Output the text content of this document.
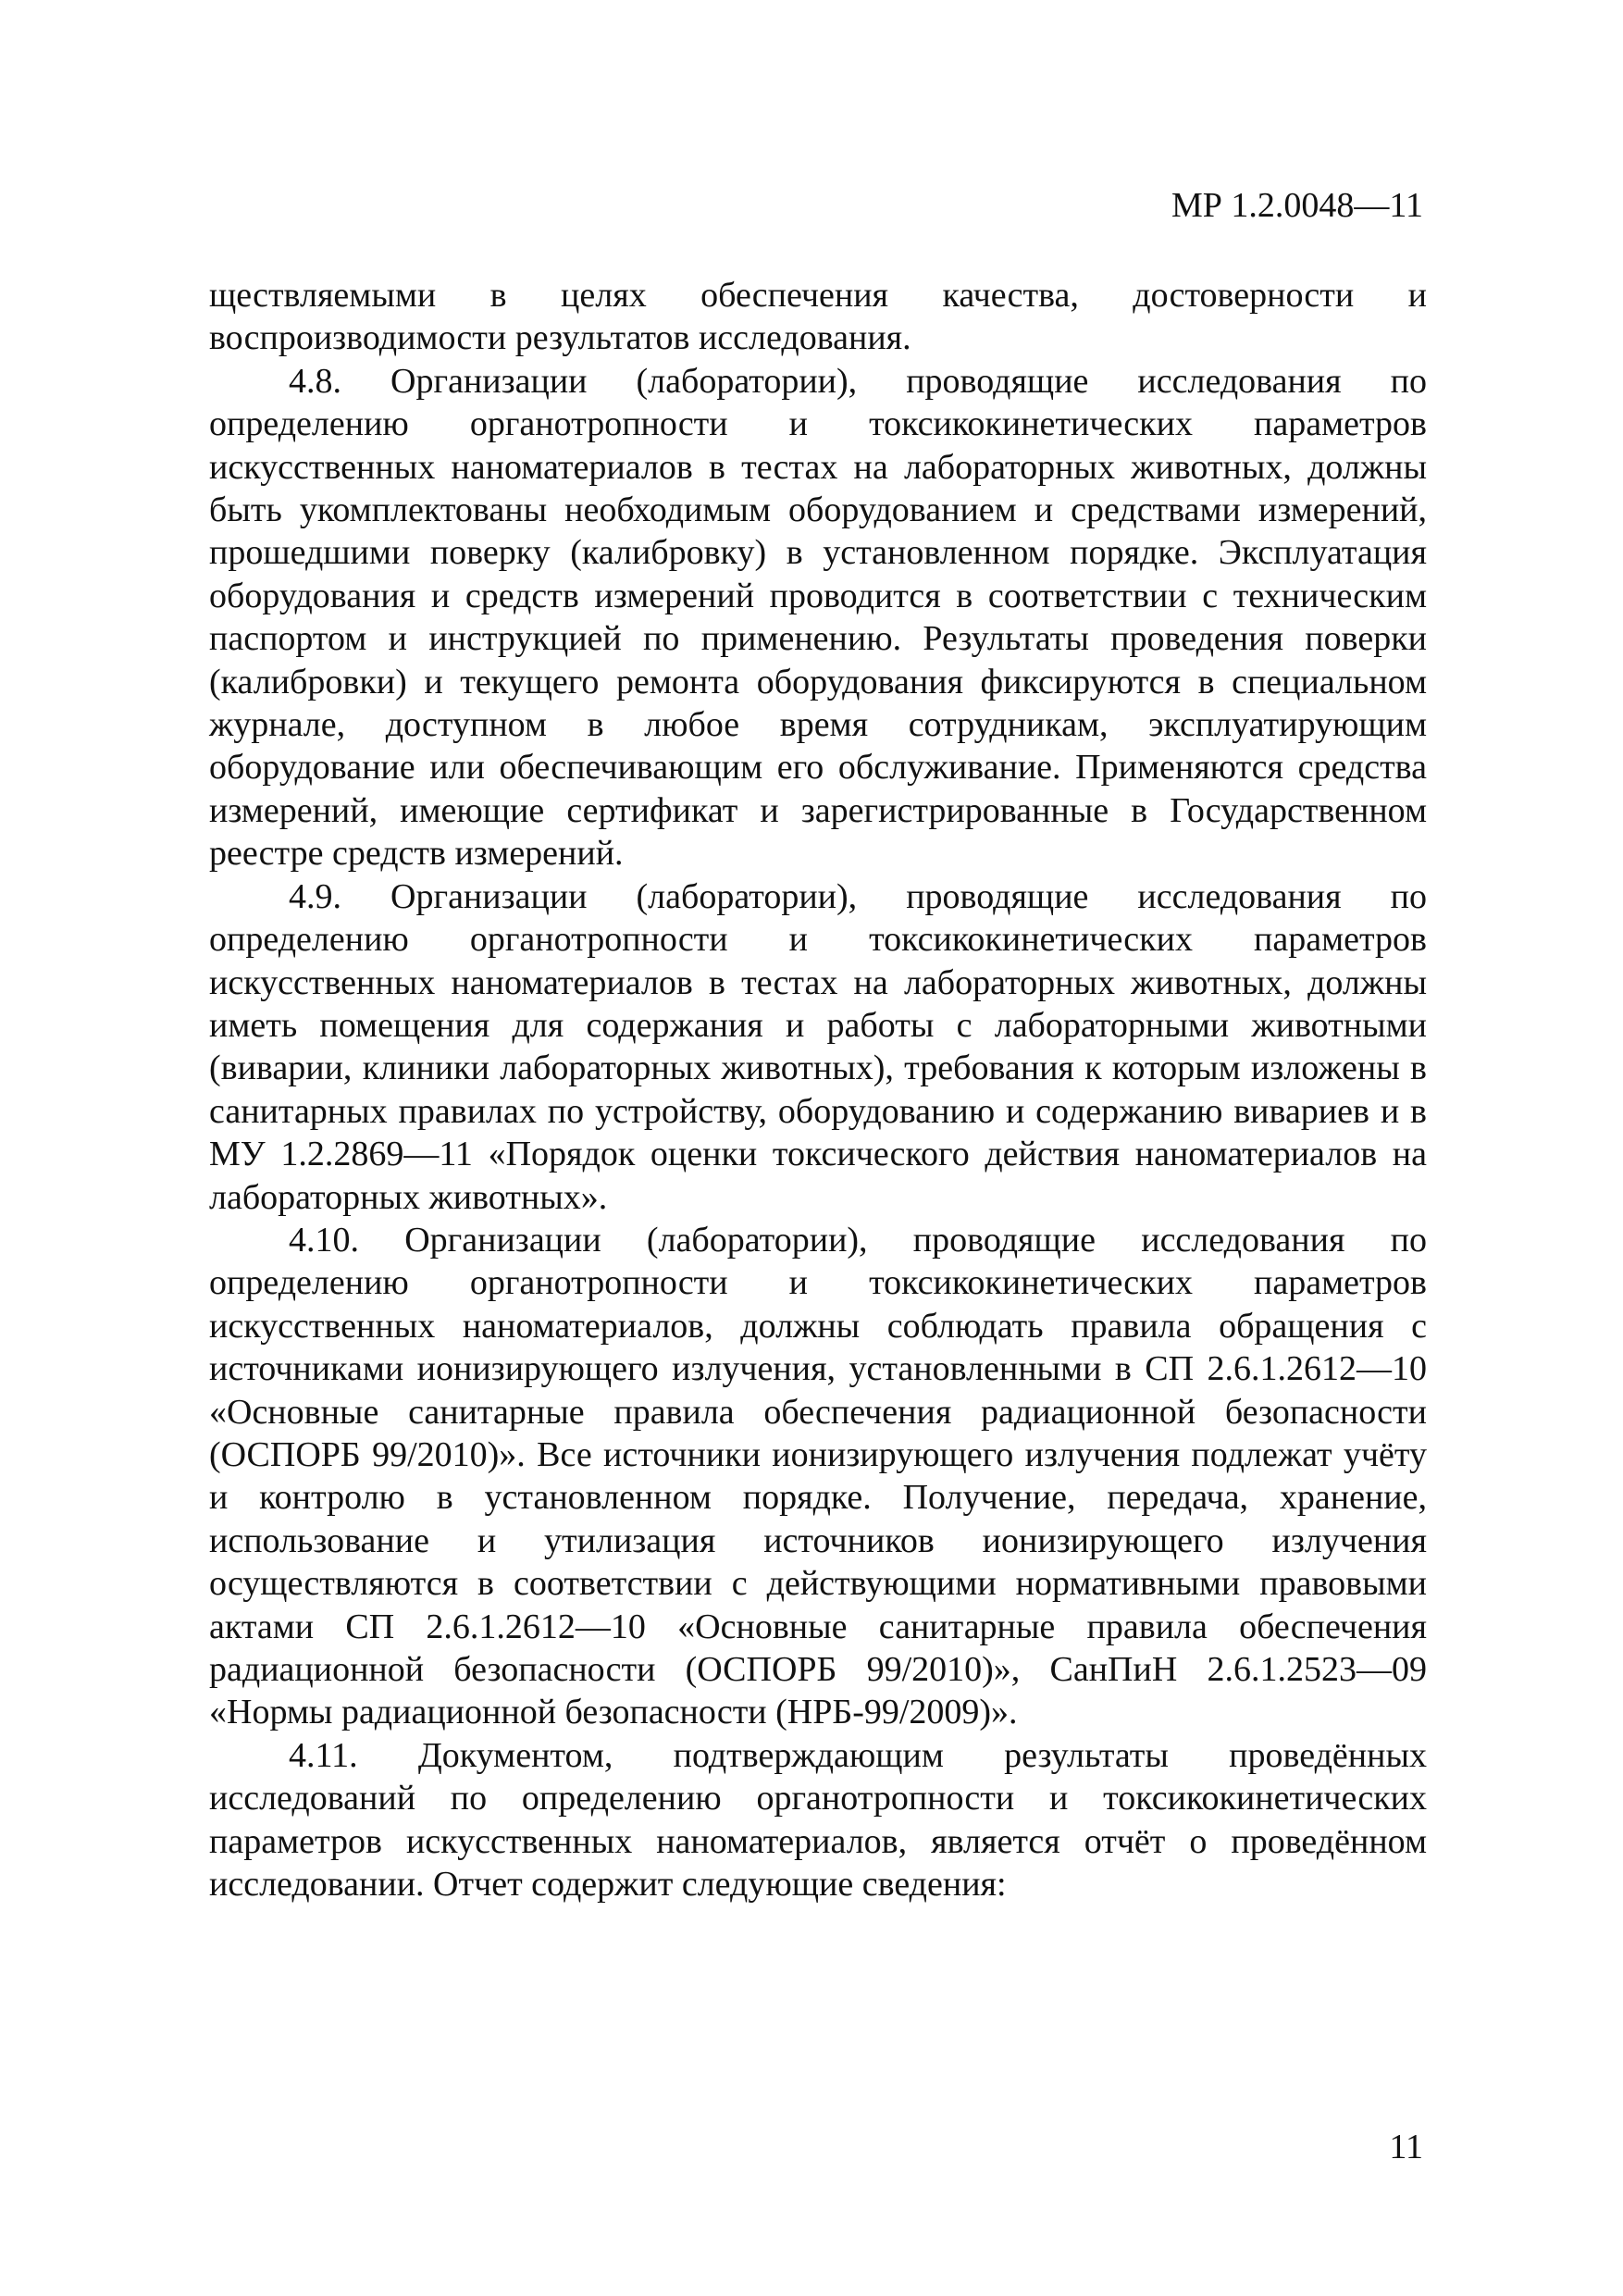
МР 1.2.0048—11

ществляемыми в целях обеспечения качества, достоверности и воспроизводимости результатов исследования.

4.8. Организации (лаборатории), проводящие исследования по определению органотропности и токсикокинетических параметров искусственных наноматериалов в тестах на лабораторных животных, должны быть укомплектованы необходимым оборудованием и средствами измерений, прошедшими поверку (калибровку) в установленном порядке. Эксплуатация оборудования и средств измерений проводится в соответствии с техническим паспортом и инструкцией по применению. Результаты проведения поверки (калибровки) и текущего ремонта оборудования фиксируются в специальном журнале, доступном в любое время сотрудникам, эксплуатирующим оборудование или обеспечивающим его обслуживание. Применяются средства измерений, имеющие сертификат и зарегистрированные в Государственном реестре средств измерений.

4.9. Организации (лаборатории), проводящие исследования по определению органотропности и токсикокинетических параметров искусственных наноматериалов в тестах на лабораторных животных, должны иметь помещения для содержания и работы с лабораторными животными (виварии, клиники лабораторных животных), требования к которым изложены в санитарных правилах по устройству, оборудованию и содержанию вивариев и в МУ 1.2.2869—11 «Порядок оценки токсического действия наноматериалов на лабораторных животных».

4.10. Организации (лаборатории), проводящие исследования по определению органотропности и токсикокинетических параметров искусственных наноматериалов, должны соблюдать правила обращения с источниками ионизирующего излучения, установленными в СП 2.6.1.2612—10 «Основные санитарные правила обеспечения радиационной безопасности (ОСПОРБ 99/2010)». Все источники ионизирующего излучения подлежат учёту и контролю в установленном порядке. Получение, передача, хранение, использование и утилизация источников ионизирующего излучения осуществляются в соответствии с действующими нормативными правовыми актами СП 2.6.1.2612—10 «Основные санитарные правила обеспечения радиационной безопасности (ОСПОРБ 99/2010)», СанПиН 2.6.1.2523—09 «Нормы радиационной безопасности (НРБ-99/2009)».

4.11. Документом, подтверждающим результаты проведённых исследований по определению органотропности и токсикокинетических параметров искусственных наноматериалов, является отчёт о проведённом исследовании. Отчет содержит следующие сведения:

11
